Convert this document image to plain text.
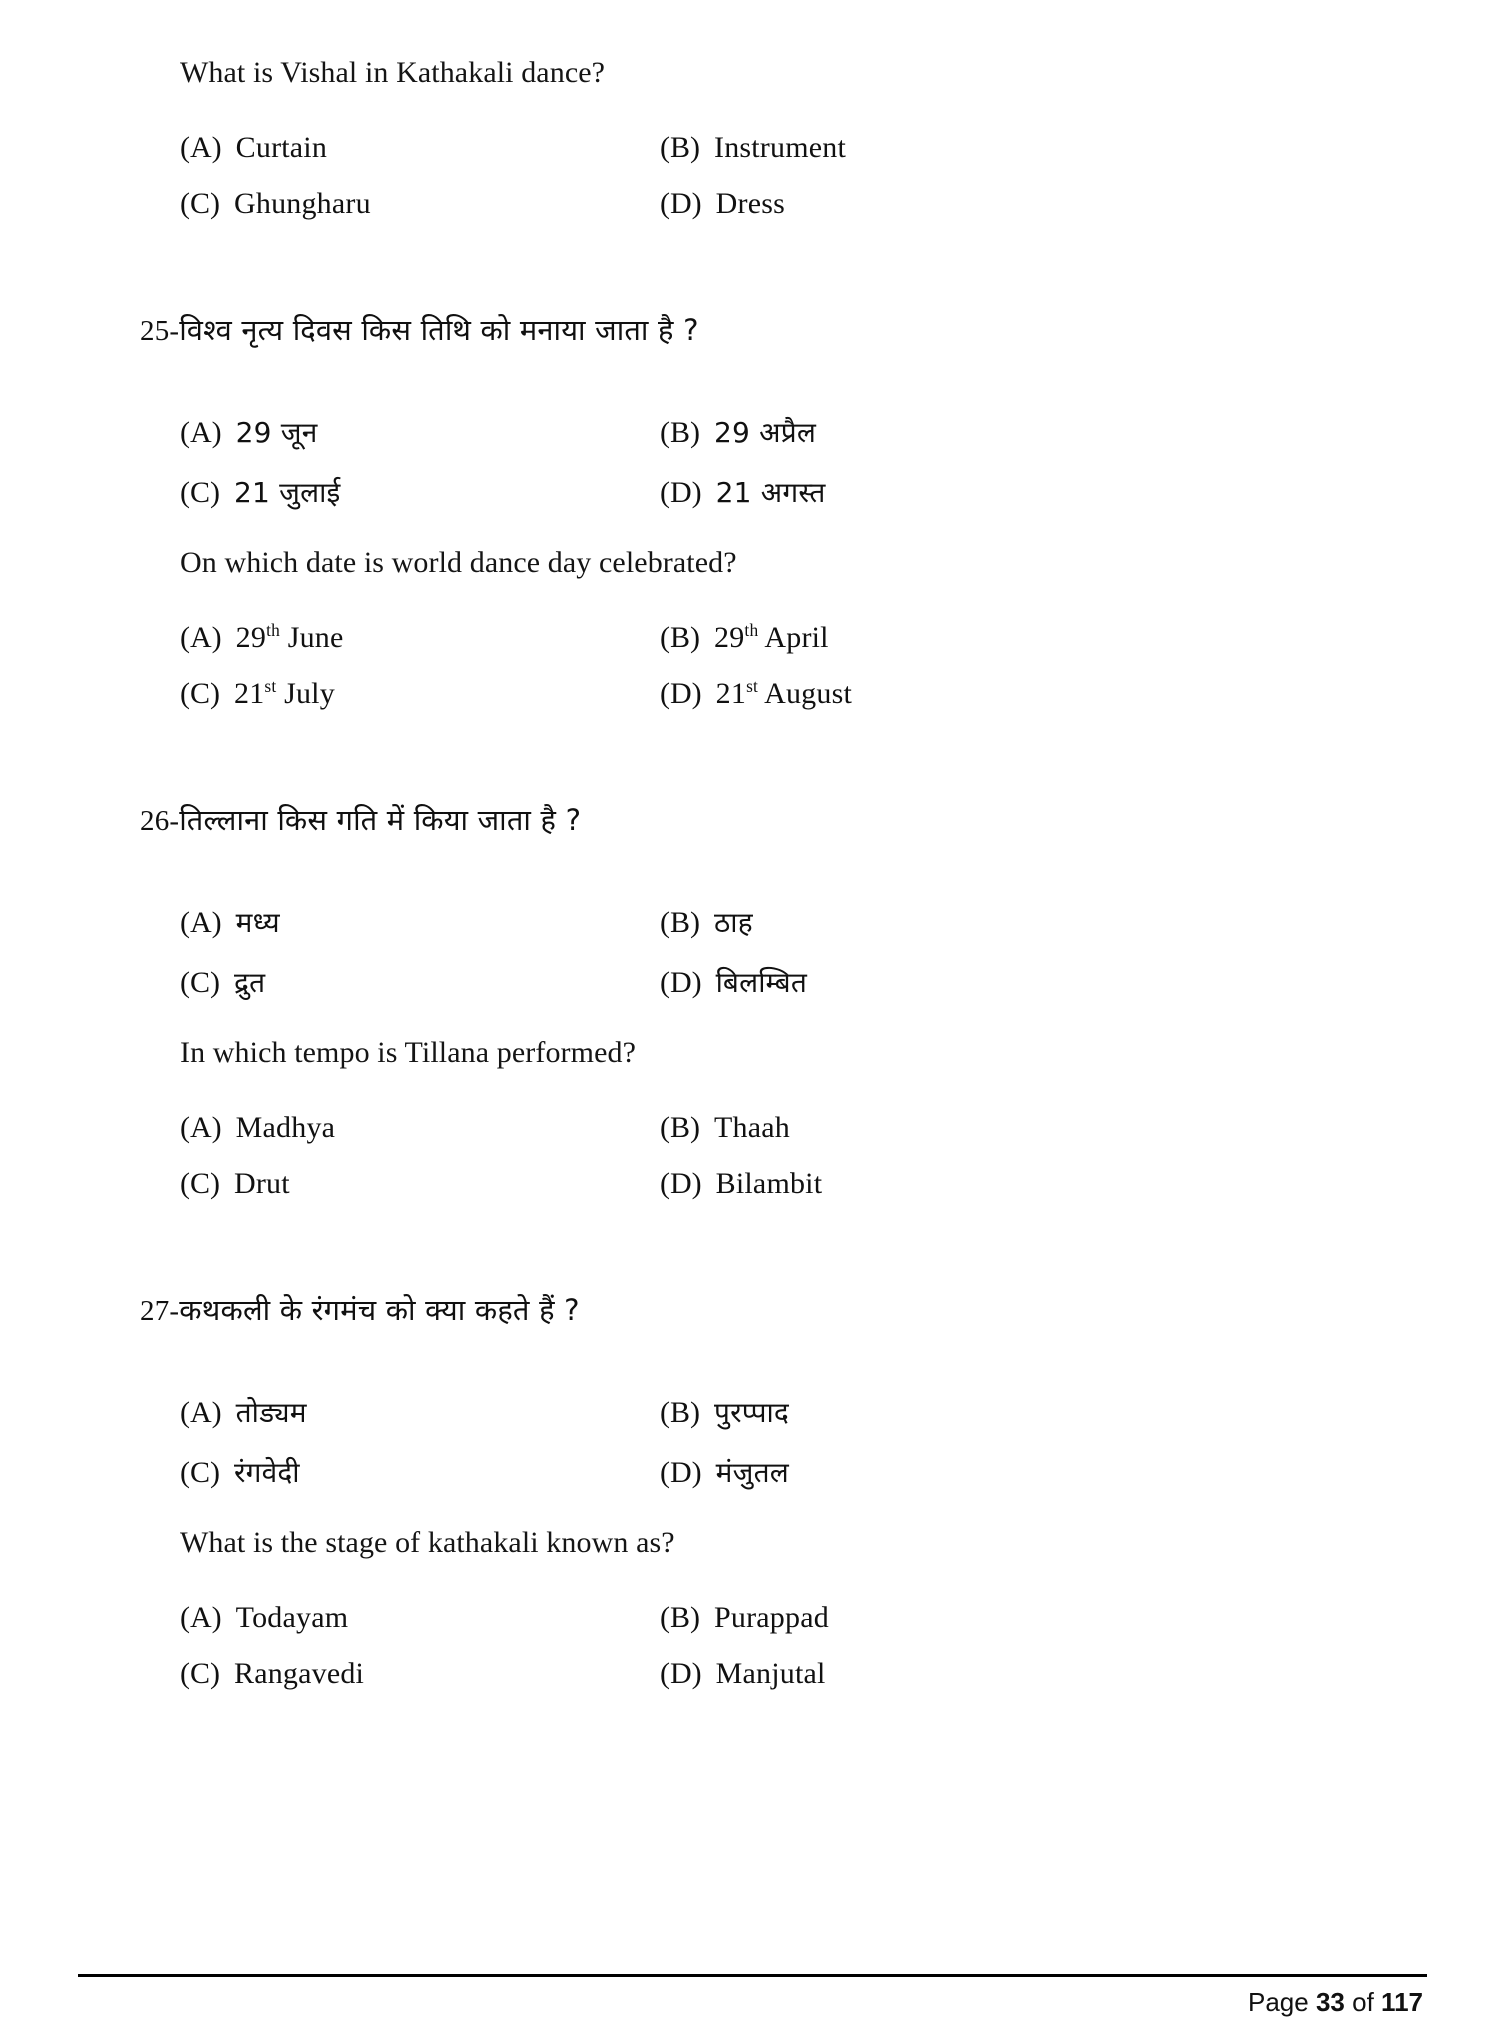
What is Vishal in Kathakali dance?
(A) Curtain	(B) Instrument
(C) Ghungharu	(D) Dress
25-विश्व नृत्य दिवस किस तिथि को मनाया जाता है ?
(A) 29 जून	(B) 29 अप्रैल
(C) 21 जुलाई	(D) 21 अगस्त
On which date is world dance day celebrated?
(A) 29th June	(B) 29th April
(C) 21st July	(D) 21st August
26-तिल्लाना किस गति में किया जाता है ?
(A) मध्य	(B) ठाह
(C) द्रुत	(D) बिलम्बित
In which tempo is Tillana performed?
(A) Madhya	(B) Thaah
(C) Drut	(D) Bilambit
27-कथकली के रंगमंच को क्या कहते हैं ?
(A) तोड्यम	(B) पुरप्पाद
(C) रंगवेदी	(D) मंजुतल
What is the stage of kathakali known as?
(A) Todayam	(B) Purappad
(C) Rangavedi	(D) Manjutal
Page 33 of 117
